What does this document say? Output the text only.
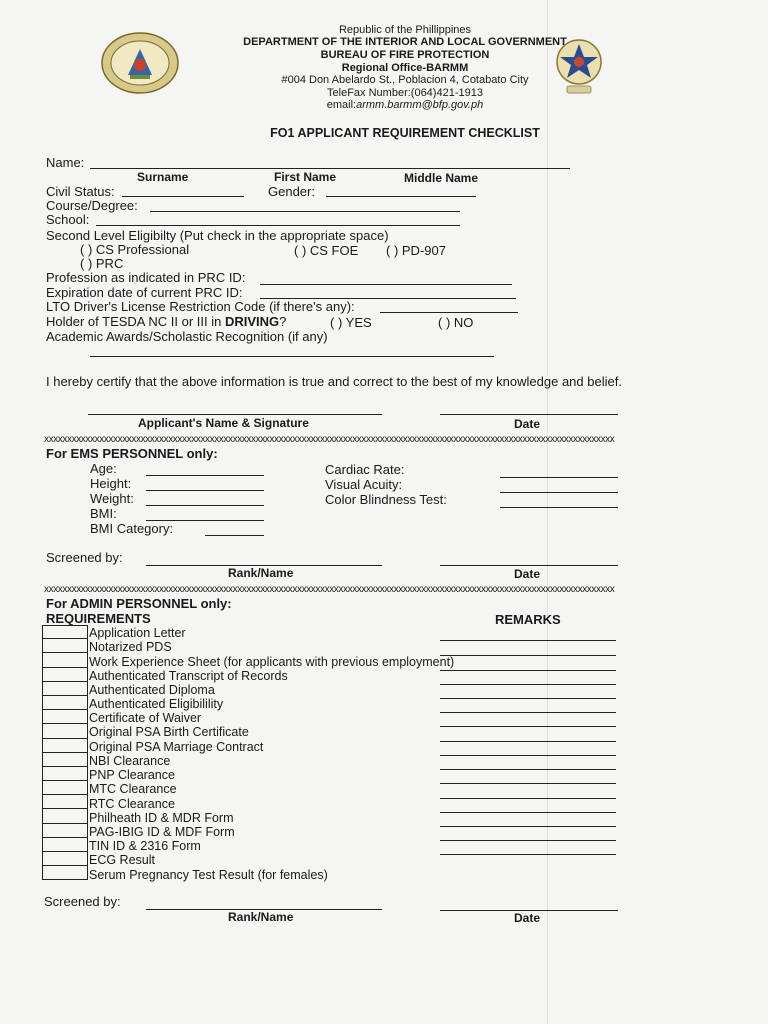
Republic of the Phillippines
DEPARTMENT OF THE INTERIOR AND LOCAL GOVERNMENT
BUREAU OF FIRE PROTECTION
Regional Office-BARMM
#004 Don Abelardo St., Poblacion 4, Cotabato City
TeleFax Number:(064)421-1913
email:armm.barmm@bfp.gov.ph
FO1 APPLICANT REQUIREMENT CHECKLIST
Name:
Surname	First Name	Middle Name
Civil Status:	Gender:
Course/Degree:
School:
Second Level Eligibilty (Put check in the appropriate space)
( ) CS Professional	( ) CS FOE ( ) PD-907
( ) PRC
Profession as indicated in PRC ID:
Expiration date of current PRC ID:
LTO Driver's License Restriction Code (if there's any):
Holder of TESDA NC II or III in DRIVING?	( ) YES	( ) NO
Academic Awards/Scholastic Recognition (if any)
I hereby certify that the above information is true and correct to the best of my knowledge and belief.
Applicant's Name & Signature	Date
xxxxxxxxxxxxxxxxxxxxxxxxxxxxxxxxxxxxxxxxxxxxxxxxxxxxxxxxxxxxxxxxxxxxxxxxxxxxxxxxxxxxxxxxxxxxxxxxxxxxxxxxxxxxxxxxxxxxxxxxxxxx
For EMS PERSONNEL only:
Age:
Height:
Weight:
BMI:
BMI Category:
Cardiac Rate:
Visual Acuity:
Color Blindness Test:
Screened by:
Rank/Name	Date
xxxxxxxxxxxxxxxxxxxxxxxxxxxxxxxxxxxxxxxxxxxxxxxxxxxxxxxxxxxxxxxxxxxxxxxxxxxxxxxxxxxxxxxxxxxxxxxxxxxxxxxxxxxxxxxxxxxxxxxxxxxx
For ADMIN PERSONNEL only:
REQUIREMENTS	REMARKS
Application Letter
Notarized PDS
Work Experience Sheet (for applicants with previous employment)
Authenticated Transcript of Records
Authenticated Diploma
Authenticated Eligibilility
Certificate of Waiver
Original PSA Birth Certificate
Original PSA Marriage Contract
NBI Clearance
PNP Clearance
MTC Clearance
RTC Clearance
Philheath ID & MDR Form
PAG-IBIG ID & MDF Form
TIN ID & 2316 Form
ECG Result
Serum Pregnancy Test Result (for females)
Screened by:
Rank/Name	Date
